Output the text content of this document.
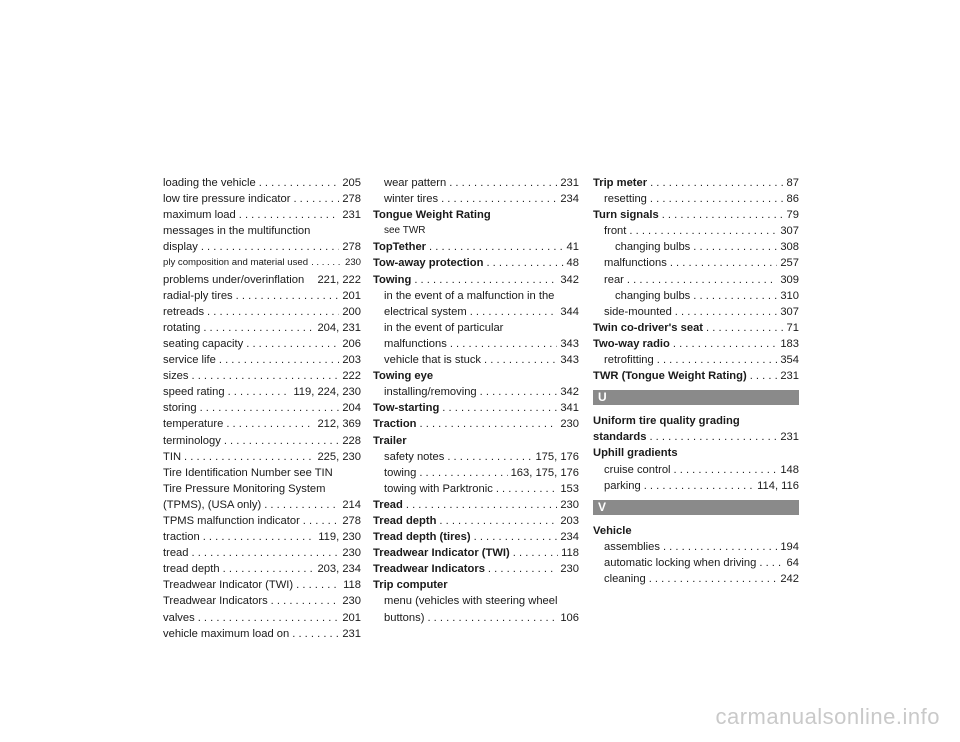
loading the vehicle . . .	205
low tire pressure indicator . . .	278
maximum load . . .	231
messages in the multifunction
display . . .	278
ply composition and material used . . .	230
problems under/overinflation 221, 222
radial-ply tires . . .	201
retreads . . .	200
rotating . . .	204, 231
seating capacity . . .	206
service life . . .	203
sizes . . .	222
speed rating . . .	119, 224, 230
storing . . .	204
temperature . . .	212, 369
terminology . . .	228
TIN . . .	225, 230
Tire Identification Number see TIN
Tire Pressure Monitoring System
(TPMS), (USA only) . . .	214
TPMS malfunction indicator . . .	278
traction . . .	119, 230
tread . . .	230
tread depth . . .	203, 234
Treadwear Indicator (TWI) . . .	118
Treadwear Indicators . . .	230
valves . . .	201
vehicle maximum load on . . .	231
wear pattern . . .	231
winter tires . . .	234
Tongue Weight Rating
see TWR
TopTether . . .	41
Tow-away protection . . .	48
Towing . . .	342
in the event of a malfunction in the
electrical system . . .	344
in the event of particular
malfunctions . . .	343
vehicle that is stuck . . .	343
Towing eye
installing/removing . . .	342
Tow-starting . . .	341
Traction . . .	230
Trailer
safety notes . . .	175, 176
towing . . .	163, 175, 176
towing with Parktronic . . .	153
Tread . . .	230
Tread depth . . .	203
Tread depth (tires) . . .	234
Treadwear Indicator (TWI) . . .	118
Treadwear Indicators . . .	230
Trip computer
menu (vehicles with steering wheel
buttons) . . .	106
Trip meter . . .	87
resetting . . .	86
Turn signals . . .	79
front . . .	307
changing bulbs . . .	308
malfunctions . . .	257
rear . . .	309
changing bulbs . . .	310
side-mounted . . .	307
Twin co-driver's seat . . .	71
Two-way radio . . .	183
retrofitting . . .	354
TWR (Tongue Weight Rating) . . .	231
U
Uniform tire quality grading
standards . . .	231
Uphill gradients
cruise control . . .	148
parking . . .	114, 116
V
Vehicle
assemblies . . .	194
automatic locking when driving . . .	64
cleaning . . .	242
carmanualsonline.info
